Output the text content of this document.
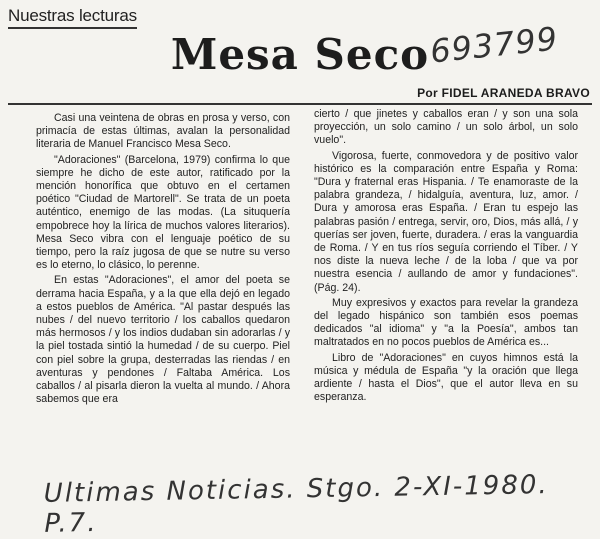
Nuestras lecturas
693799
Mesa Seco
Por FIDEL ARANEDA BRAVO

Casi una veintena de obras en prosa y verso, con primacía de estas últimas, avalan la personalidad literaria de Manuel Francisco Mesa Seco.

"Adoraciones" (Barcelona, 1979) confirma lo que siempre he dicho de este autor, ratificado por la mención honorífica que obtuvo en el certamen poético "Ciudad de Martorell". Se trata de un poeta auténtico, enemigo de las modas. (La situquería empobrece hoy la lírica de muchos valores literarios). Mesa Seco vibra con el lenguaje poético de su tiempo, pero la raíz jugosa de que se nutre su verso es lo eterno, lo clásico, lo perenne.

En estas "Adoraciones", el amor del poeta se derrama hacia España, y a la que ella dejó en legado a estos pueblos de América. "Al pastar después las nubes / del nuevo territorio / los caballos quedaron más hermosos / y los indios dudaban sin adorarlas / y la piel tostada sintió la humedad / de su cuerpo. Piel con piel sobre la grupa, desterradas las riendas / en aventuras y pendones / Faltaba América. Los caballos / al pisarla dieron la vuelta al mundo. / Ahora sabemos que era

cierto / que jinetes y caballos eran / y son una sola proyección, un solo camino / un solo árbol, un solo vuelo".

Vigorosa, fuerte, conmovedora y de positivo valor histórico es la comparación entre España y Roma: "Dura y fraternal eras Hispania. / Te enamoraste de la palabra grandeza, / hidalguía, aventura, luz, amor. / Dura y amorosa eras España. / Eran tu espejo las palabras pasión / entrega, servir, oro, Dios, más allá, / y querías ser joven, fuerte, duradera. / eras la vanguardia de Roma. / Y en tus ríos seguía corriendo el Tíber. / Y nos diste la nueva leche / de la loba / que va por nuestra esencia / aullando de amor y fundaciones". (Pág. 24).

Muy expresivos y exactos para revelar la grandeza del legado hispánico son también esos poemas dedicados "al idioma" y "a la Poesía", ambos tan maltratados en no pocos pueblos de América es...

Libro de "Adoraciones" en cuyos himnos está la música y médula de España "y la oración que llega ardiente / hasta el Dios", que el autor lleva en su esperanza.

Ultimas Noticias. Stgo. 2-XI-1980. P.7.
